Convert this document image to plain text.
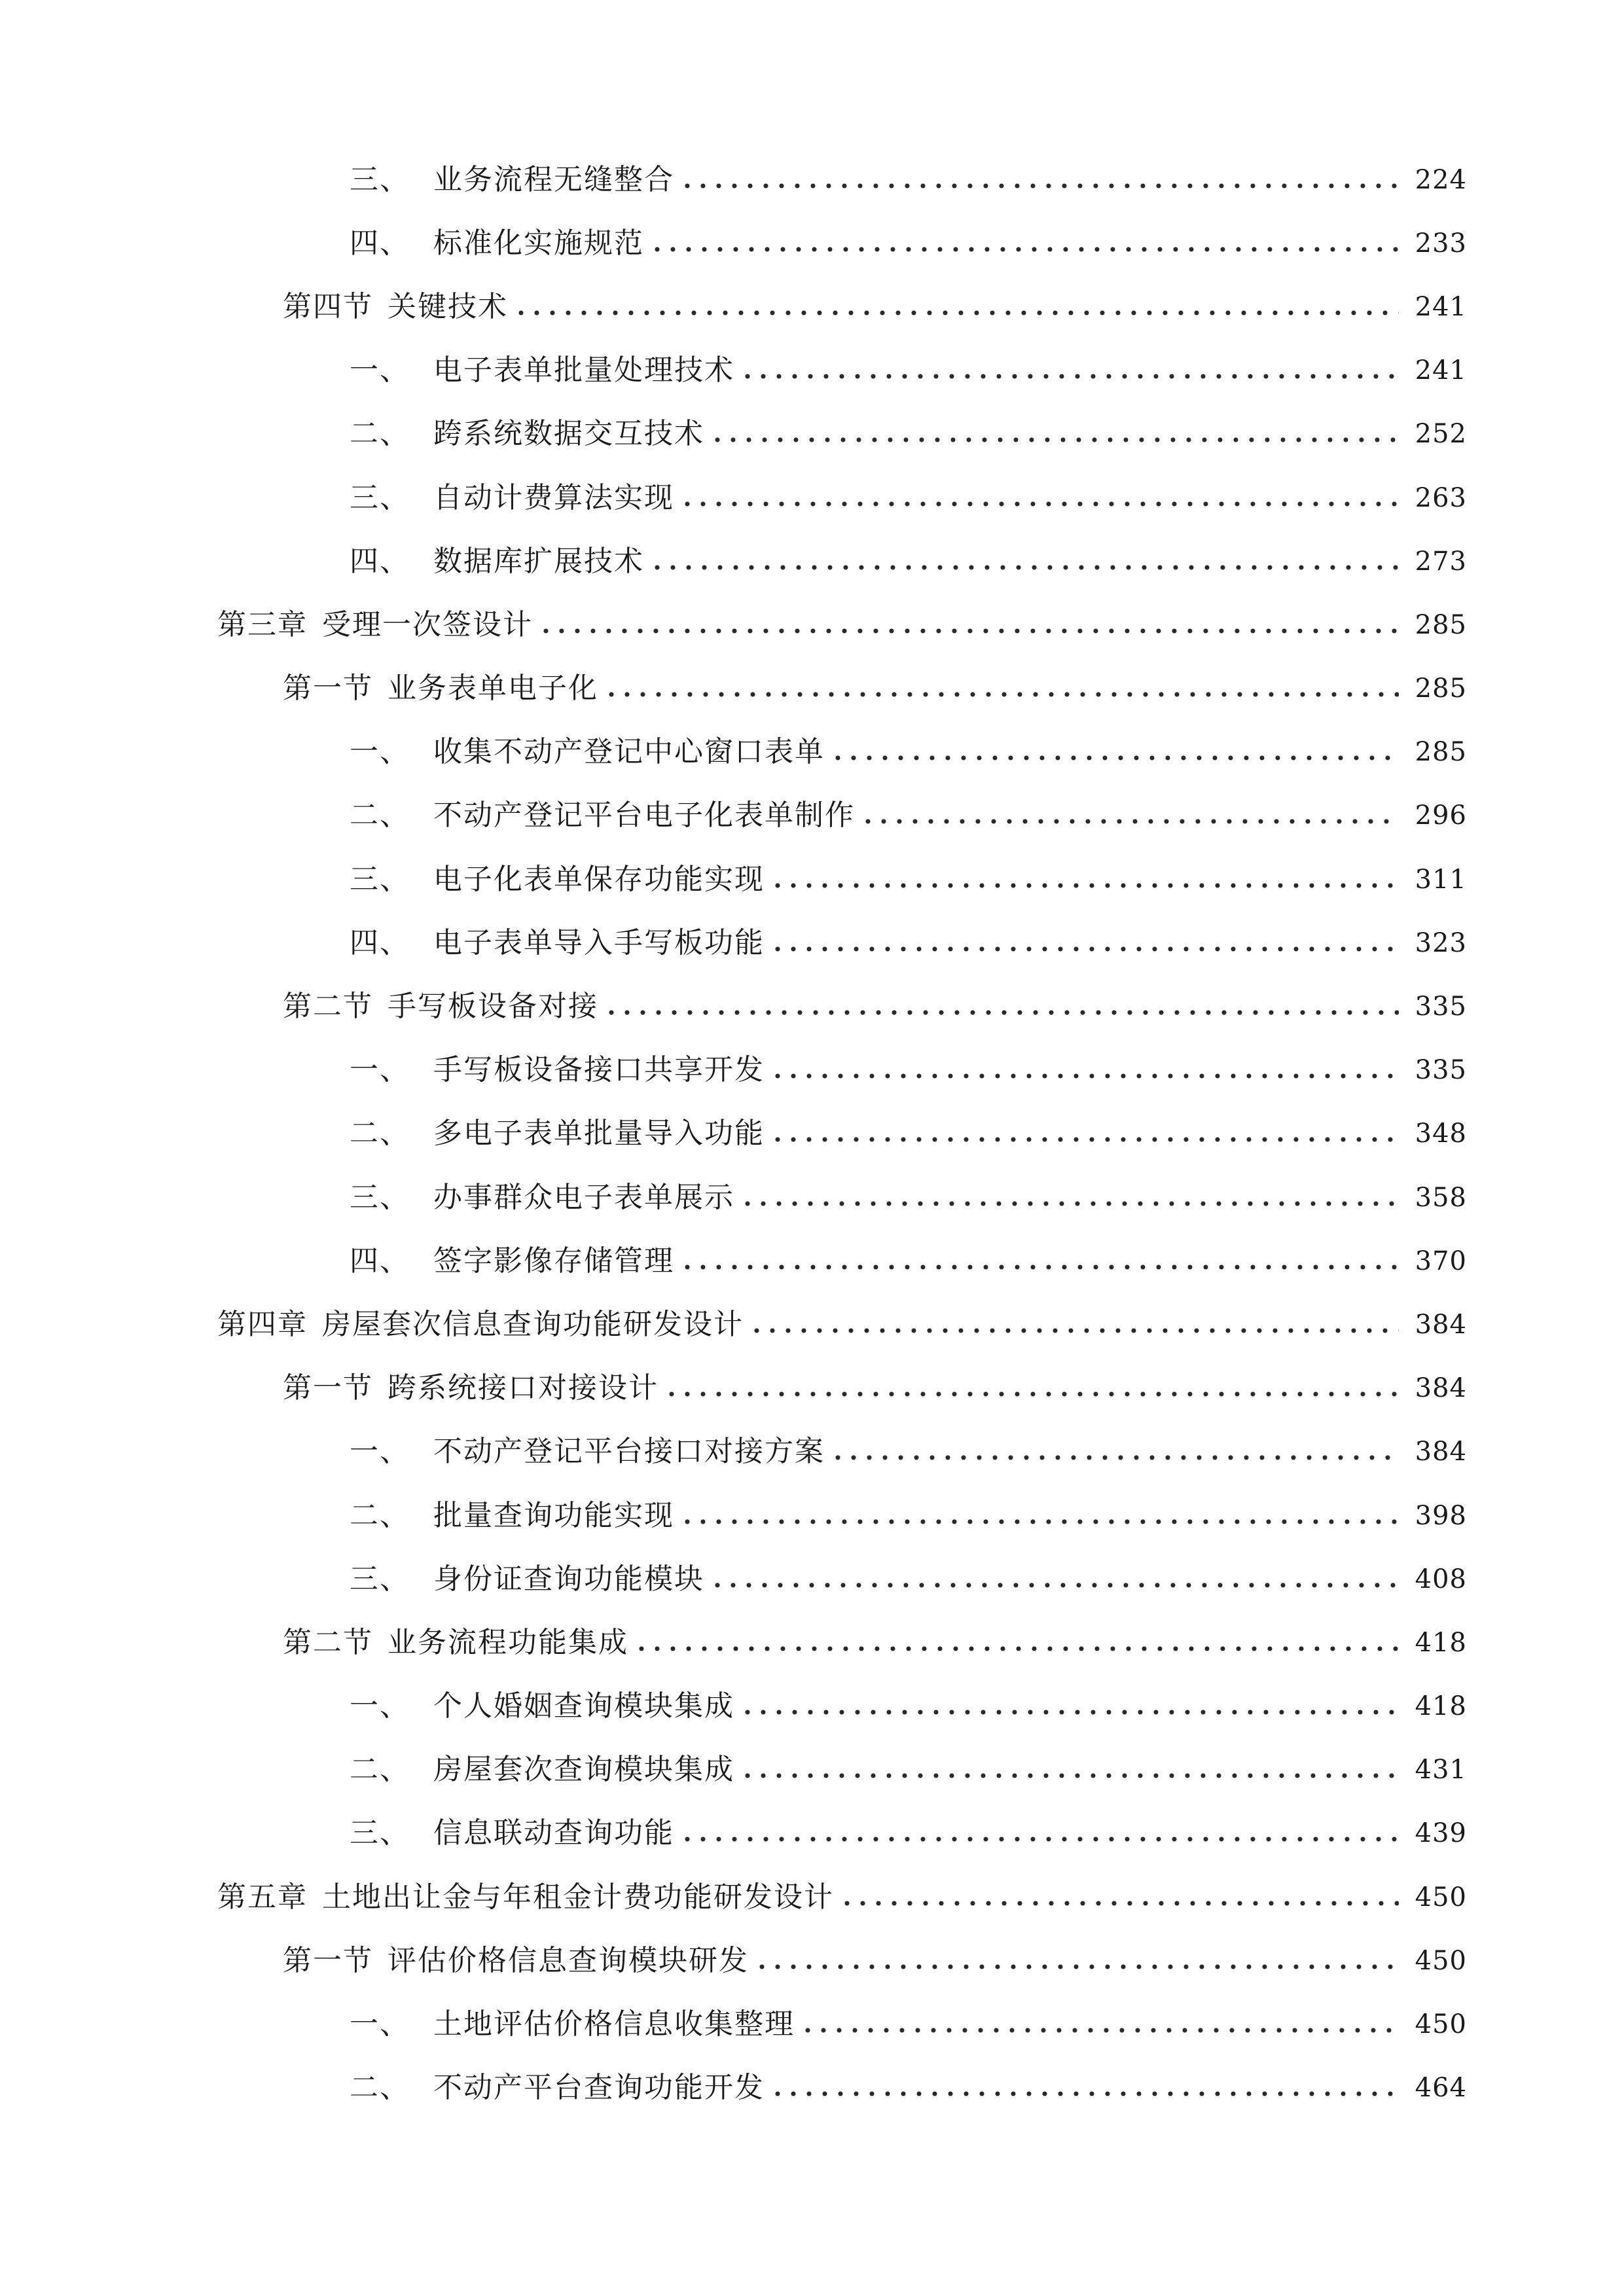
三、 业务流程无缝整合	224
四、 标准化实施规范	233
第四节 关键技术	241
一、 电子表单批量处理技术	241
二、 跨系统数据交互技术	252
三、 自动计费算法实现	263
四、 数据库扩展技术	273
第三章 受理一次签设计	285
第一节 业务表单电子化	285
一、 收集不动产登记中心窗口表单	285
二、 不动产登记平台电子化表单制作	296
三、 电子化表单保存功能实现	311
四、 电子表单导入手写板功能	323
第二节 手写板设备对接	335
一、 手写板设备接口共享开发	335
二、 多电子表单批量导入功能	348
三、 办事群众电子表单展示	358
四、 签字影像存储管理	370
第四章 房屋套次信息查询功能研发设计	384
第一节 跨系统接口对接设计	384
一、 不动产登记平台接口对接方案	384
二、 批量查询功能实现	398
三、 身份证查询功能模块	408
第二节 业务流程功能集成	418
一、 个人婚姻查询模块集成	418
二、 房屋套次查询模块集成	431
三、 信息联动查询功能	439
第五章 土地出让金与年租金计费功能研发设计	450
第一节 评估价格信息查询模块研发	450
一、 土地评估价格信息收集整理	450
二、 不动产平台查询功能开发	464
